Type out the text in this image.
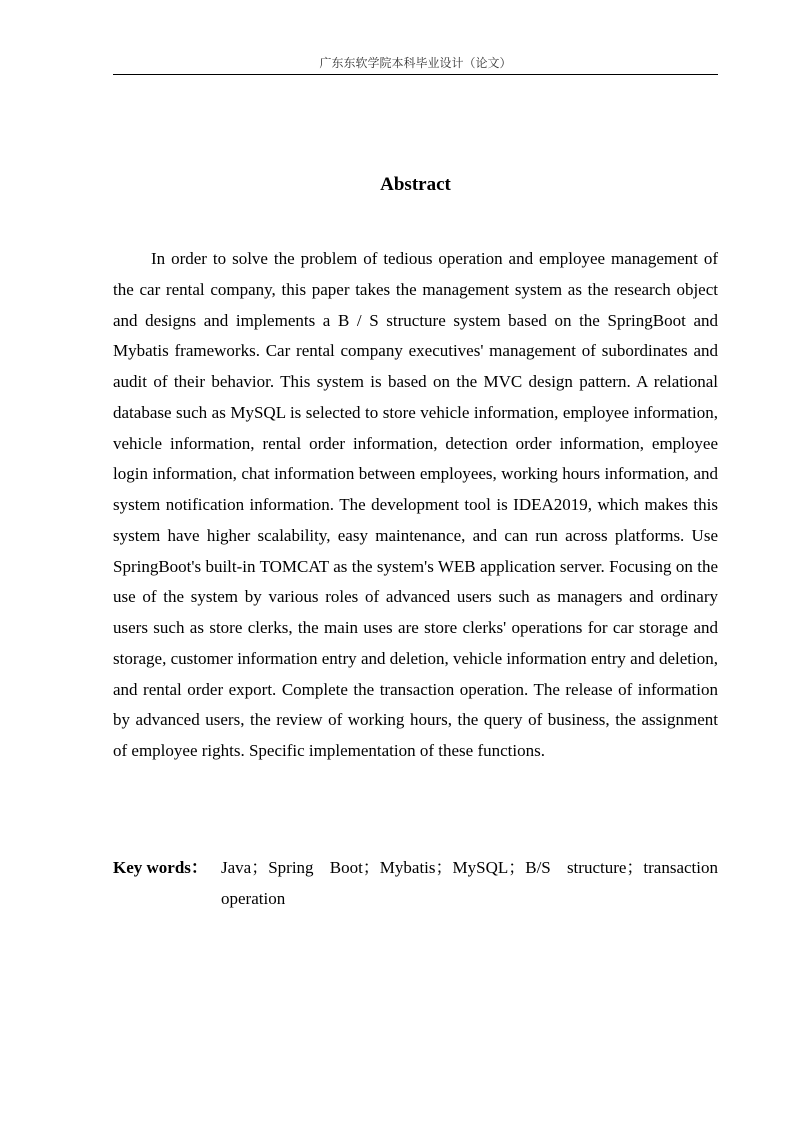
广东东软学院本科毕业设计（论文）
Abstract

In order to solve the problem of tedious operation and employee management of the car rental company, this paper takes the management system as the research object and designs and implements a B / S structure system based on the SpringBoot and Mybatis frameworks. Car rental company executives' management of subordinates and audit of their behavior. This system is based on the MVC design pattern. A relational database such as MySQL is selected to store vehicle information, employee information, vehicle information, rental order information, detection order information, employee login information, chat information between employees, working hours information, and system notification information. The development tool is IDEA2019, which makes this system have higher scalability, easy maintenance, and can run across platforms. Use SpringBoot's built-in TOMCAT as the system's WEB application server. Focusing on the use of the system by various roles of advanced users such as managers and ordinary users such as store clerks, the main uses are store clerks' operations for car storage and storage, customer information entry and deletion, vehicle information entry and deletion, and rental order export. Complete the transaction operation. The release of information by advanced users, the review of working hours, the query of business, the assignment of employee rights. Specific implementation of these functions.

Key words： Java；Spring Boot；Mybatis；MySQL；B/S structure；transaction operation
